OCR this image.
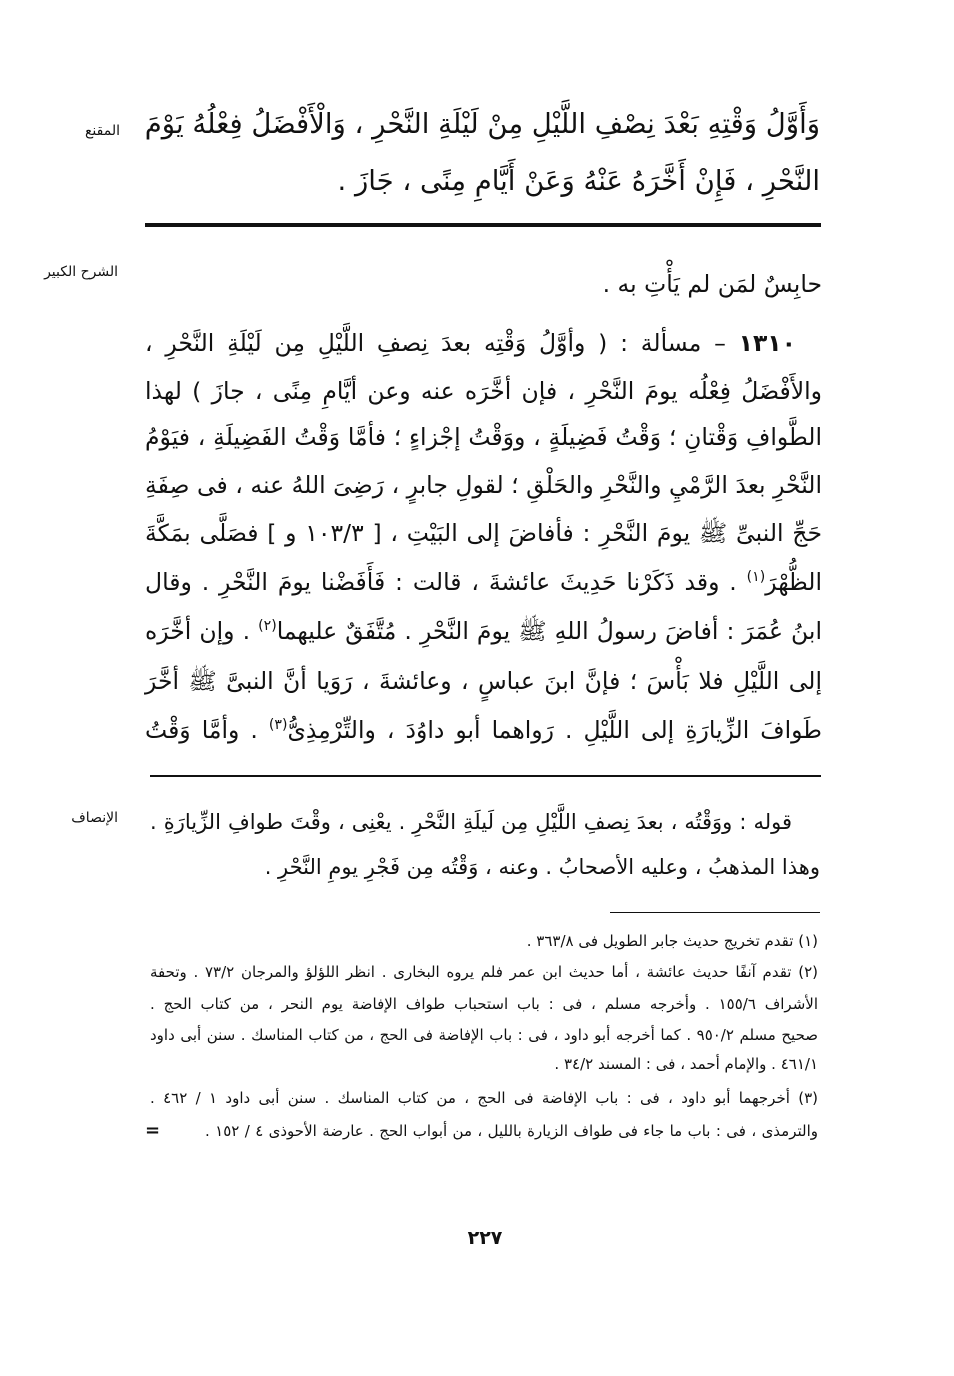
المقنع وَأَوَّلُ وَقْتِهِ بَعْدَ نِصْفِ اللَّيْلِ مِنْ لَيْلَةِ النَّحْرِ ، وَالْأَفْضَلُ فِعْلُهُ يَوْمَ
النَّحْرِ ، فَإِنْ أَخَّرَهُ عَنْهُ وَعَنْ أَيَّامِ مِنًى ، جَازَ .
الشرح الكبير	حابِسٌ لمَن لم يَأْتِ به .
١٣١٠ – مسألة : ( وأوَّلُ وَقْتِه بعدَ نِصفِ اللَّيْلِ مِن لَيْلَةِ النَّحْرِ ،
والأَفْضَلُ فِعْلُه يومَ النَّحْرِ ، فإن أخَّرَه عنه وعن أيَّامِ مِنًى ، جازَ ) لهذا
الطَّوافِ وَقْتانِ ؛ وَقْتُ فَضِيلَةٍ ، ووَقْتُ إجْزاءٍ ؛ فأمَّا وَقْتُ الفَضِيلَةِ ، فيَوْمُ
النَّحْرِ بعدَ الرَّمْيِ والنَّحْرِ والحَلْقِ ؛ لقولِ جابرٍ ، رَضِىَ اللهُ عنه ، فى صِفَةِ
حَجِّ النبىِّ ﷺ يومَ النَّحْرِ : فأفاضَ إلى البَيْتِ ، [ ١٠٣/٣ و ] فصَلَّى بمَكَّةَ
الظُّهْرَ$^{(١)}$ . وقد ذَكَرْنا حَدِيثَ عائشةَ ، قالت : فَأَفَضْنا يومَ النَّحْرِ . وقال
ابنُ عُمَرَ : أفاضَ رسولُ اللهِ ﷺ يومَ النَّحْرِ . مُتَّفَقٌ عليهما$^{(٢)}$ . وإن أخَّرَه
إلى اللَّيْلِ فلا بَأْسَ ؛ فإنَّ ابنَ عباسٍ ، وعائشةَ ، رَوَيا أنَّ النبىَّ ﷺ أخَّرَ
طَوافَ الزِّيارَةِ إلى اللَّيْلِ . رَواهما أبو داوُدَ ، والتِّرْمِذِىُّ$^{(٣)}$ . وأمَّا وَقْتُ
الإنصاف قوله : ووَقْتُه ، بعدَ نِصفِ اللَّيْلِ مِن لَيلَةِ النَّحْرِ . يعْنِى ، وقْتَ طوافِ الزِّيارَةِ .
وهذا المذهبُ ، وعليه الأصحابُ . وعنه ، وَقْتُه مِن فَجْرِ يومِ النَّحْرِ .
(١) تقدم تخريج حديث جابر الطويل فى ٣٦٣/٨ .
(٢) تقدم آنفًا حديث عائشة ، أما حديث ابن عمر فلم يروه البخارى . انظر اللؤلؤ والمرجان ٧٣/٢ . وتحفة
الأشراف ١٥٥/٦ . وأخرجه مسلم ، فى : باب استحباب طواف الإفاضة يوم النحر ، من كتاب الحج .
صحيح مسلم ٩٥٠/٢ . كما أخرجه أبو داود ، فى : باب الإفاضة فى الحج ، من كتاب المناسك . سنن أبى داود
٤٦١/١ . والإمام أحمد ، فى : المسند ٣٤/٢ .
(٣) أخرجهما أبو داود ، فى : باب الإفاضة فى الحج ، من كتاب المناسك . سنن أبى داود ١ / ٤٦٢ .
والترمذى ، فى : باب ما جاء فى طواف الزيارة بالليل ، من أبواب الحج . عارضة الأحوذى ٤ / ١٥٢ .
=
٢٢٧
